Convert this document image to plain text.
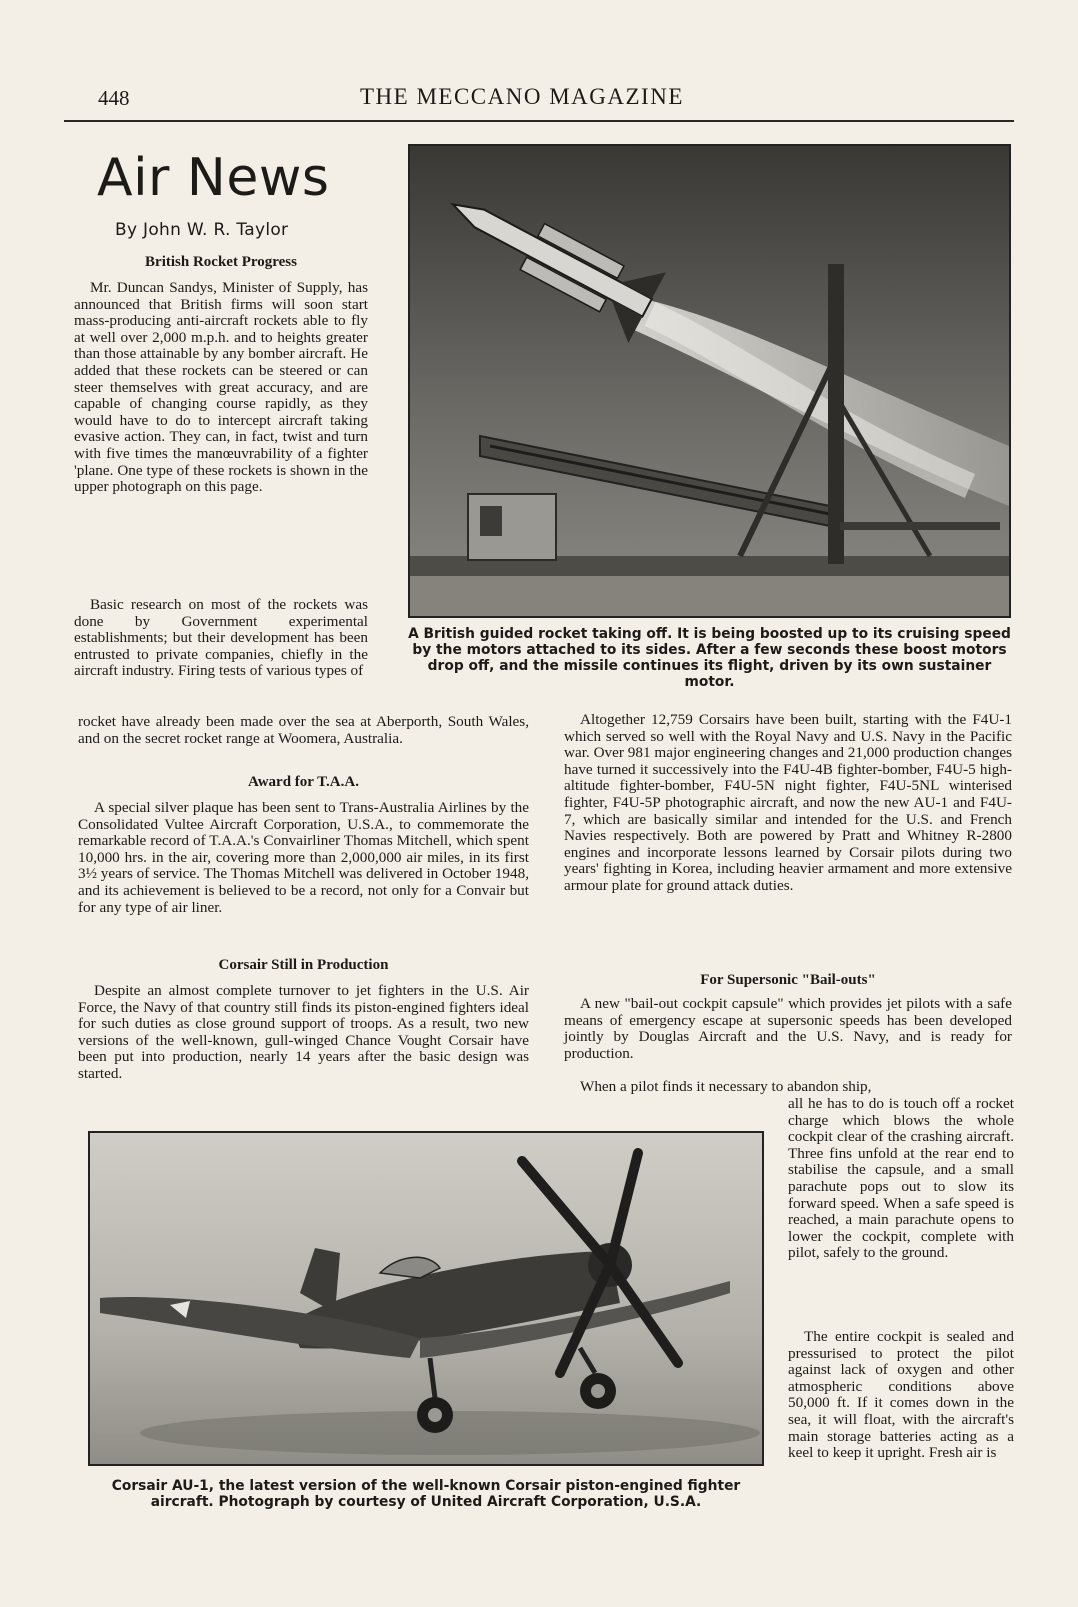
448	THE MECCANO MAGAZINE
Air News
By John W. R. Taylor
British Rocket Progress

Mr. Duncan Sandys, Minister of Supply, has announced that British firms will soon start mass-producing anti-aircraft rockets able to fly at well over 2,000 m.p.h. and to heights greater than those attainable by any bomber aircraft. He added that these rockets can be steered or can steer themselves with great accuracy, and are capable of changing course rapidly, as they would have to do to intercept aircraft taking evasive action. They can, in fact, twist and turn with five times the manœuvrability of a fighter 'plane. One type of these rockets is shown in the upper photograph on this page.

Basic research on most of the rockets was done by Government experimental establishments; but their development has been entrusted to private companies, chiefly in the aircraft industry. Firing tests of various types of

rocket have already been made over the sea at Aberporth, South Wales, and on the secret rocket range at Woomera, Australia.

Award for T.A.A.

A special silver plaque has been sent to Trans-Australia Airlines by the Consolidated Vultee Aircraft Corporation, U.S.A., to commemorate the remarkable record of T.A.A.'s Convairliner Thomas Mitchell, which spent 10,000 hrs. in the air, covering more than 2,000,000 air miles, in its first 3½ years of service. The Thomas Mitchell was delivered in October 1948, and its achievement is believed to be a record, not only for a Convair but for any type of air liner.

Corsair Still in Production

Despite an almost complete turnover to jet fighters in the U.S. Air Force, the Navy of that country still finds its piston-engined fighters ideal for such duties as close ground support of troops. As a result, two new versions of the well-known, gull-winged Chance Vought Corsair have been put into production, nearly 14 years after the basic design was started.

Altogether 12,759 Corsairs have been built, starting with the F4U-1 which served so well with the Royal Navy and U.S. Navy in the Pacific war. Over 981 major engineering changes and 21,000 production changes have turned it successively into the F4U-4B fighter-bomber, F4U-5 high-altitude fighter-bomber, F4U-5N night fighter, F4U-5NL winterised fighter, F4U-5P photographic aircraft, and now the new AU-1 and F4U-7, which are basically similar and intended for the U.S. and French Navies respectively. Both are powered by Pratt and Whitney R-2800 engines and incorporate lessons learned by Corsair pilots during two years' fighting in Korea, including heavier armament and more extensive armour plate for ground attack duties.

For Supersonic "Bail-outs"

A new "bail-out cockpit capsule" which provides jet pilots with a safe means of emergency escape at supersonic speeds has been developed jointly by Douglas Aircraft and the U.S. Navy, and is ready for production.

When a pilot finds it necessary to abandon ship,

all he has to do is touch off a rocket charge which blows the whole cockpit clear of the crashing aircraft. Three fins unfold at the rear end to stabilise the capsule, and a small parachute pops out to slow its forward speed. When a safe speed is reached, a main parachute opens to lower the cockpit, complete with pilot, safely to the ground.

The entire cockpit is sealed and pressurised to protect the pilot against lack of oxygen and other atmospheric conditions above 50,000 ft. If it comes down in the sea, it will float, with the aircraft's main storage batteries acting as a keel to keep it upright. Fresh air is

A British guided rocket taking off. It is being boosted up to its cruising speed by the motors attached to its sides. After a few seconds these boost motors drop off, and the missile continues its flight, driven by its own sustainer motor.
Corsair AU-1, the latest version of the well-known Corsair piston-engined fighter aircraft. Photograph by courtesy of United Aircraft Corporation, U.S.A.
